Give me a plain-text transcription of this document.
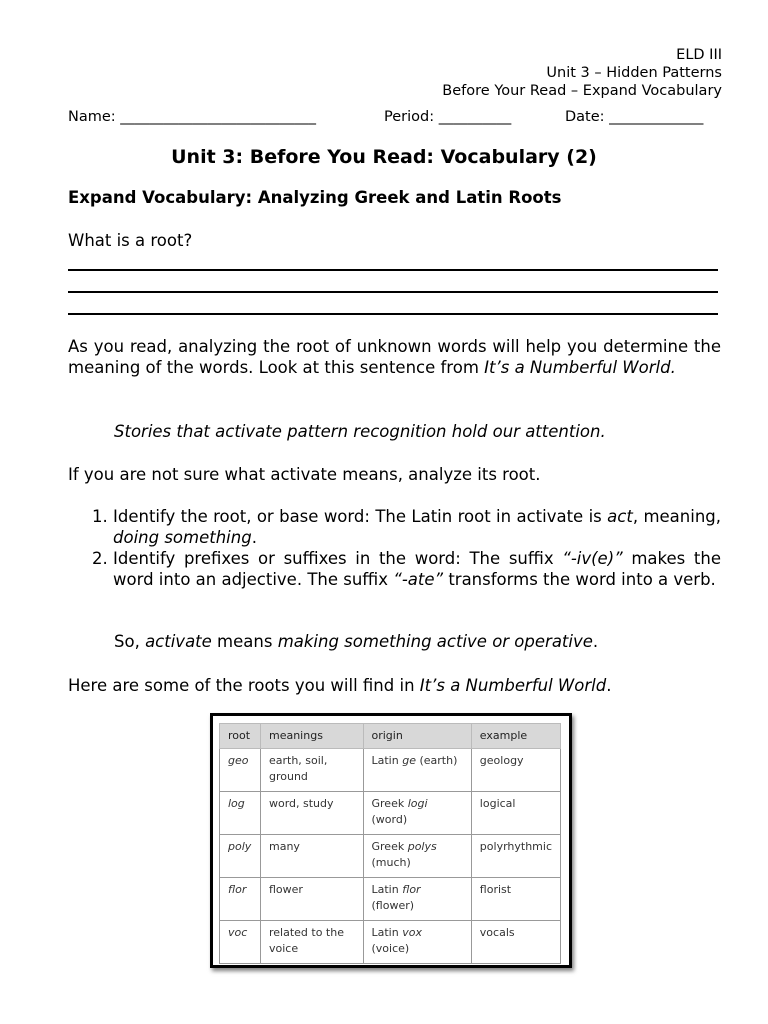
ELD III
Unit 3 – Hidden Patterns
Before Your Read – Expand Vocabulary
Name: ___________________________	Period: __________	Date: _____________
Unit 3: Before You Read: Vocabulary (2)
Expand Vocabulary: Analyzing Greek and Latin Roots
What is a root?
As you read, analyzing the root of unknown words will help you determine the meaning of the words. Look at this sentence from It’s a Numberful World.
Stories that activate pattern recognition hold our attention.
If you are not sure what activate means, analyze its root.
1. Identify the root, or base word: The Latin root in activate is act, meaning, doing something.
2. Identify prefixes or suffixes in the word: The suffix “-iv(e)” makes the word into an adjective. The suffix “-ate” transforms the word into a verb.
So, activate means making something active or operative.
Here are some of the roots you will find in It’s a Numberful World.
root	meanings	origin	example
geo	earth, soil, ground	Latin ge (earth)	geology
log	word, study	Greek logi (word)	logical
poly	many	Greek polys (much)	polyrhythmic
flor	flower	Latin flor (flower)	florist
voc	related to the voice	Latin vox (voice)	vocals
